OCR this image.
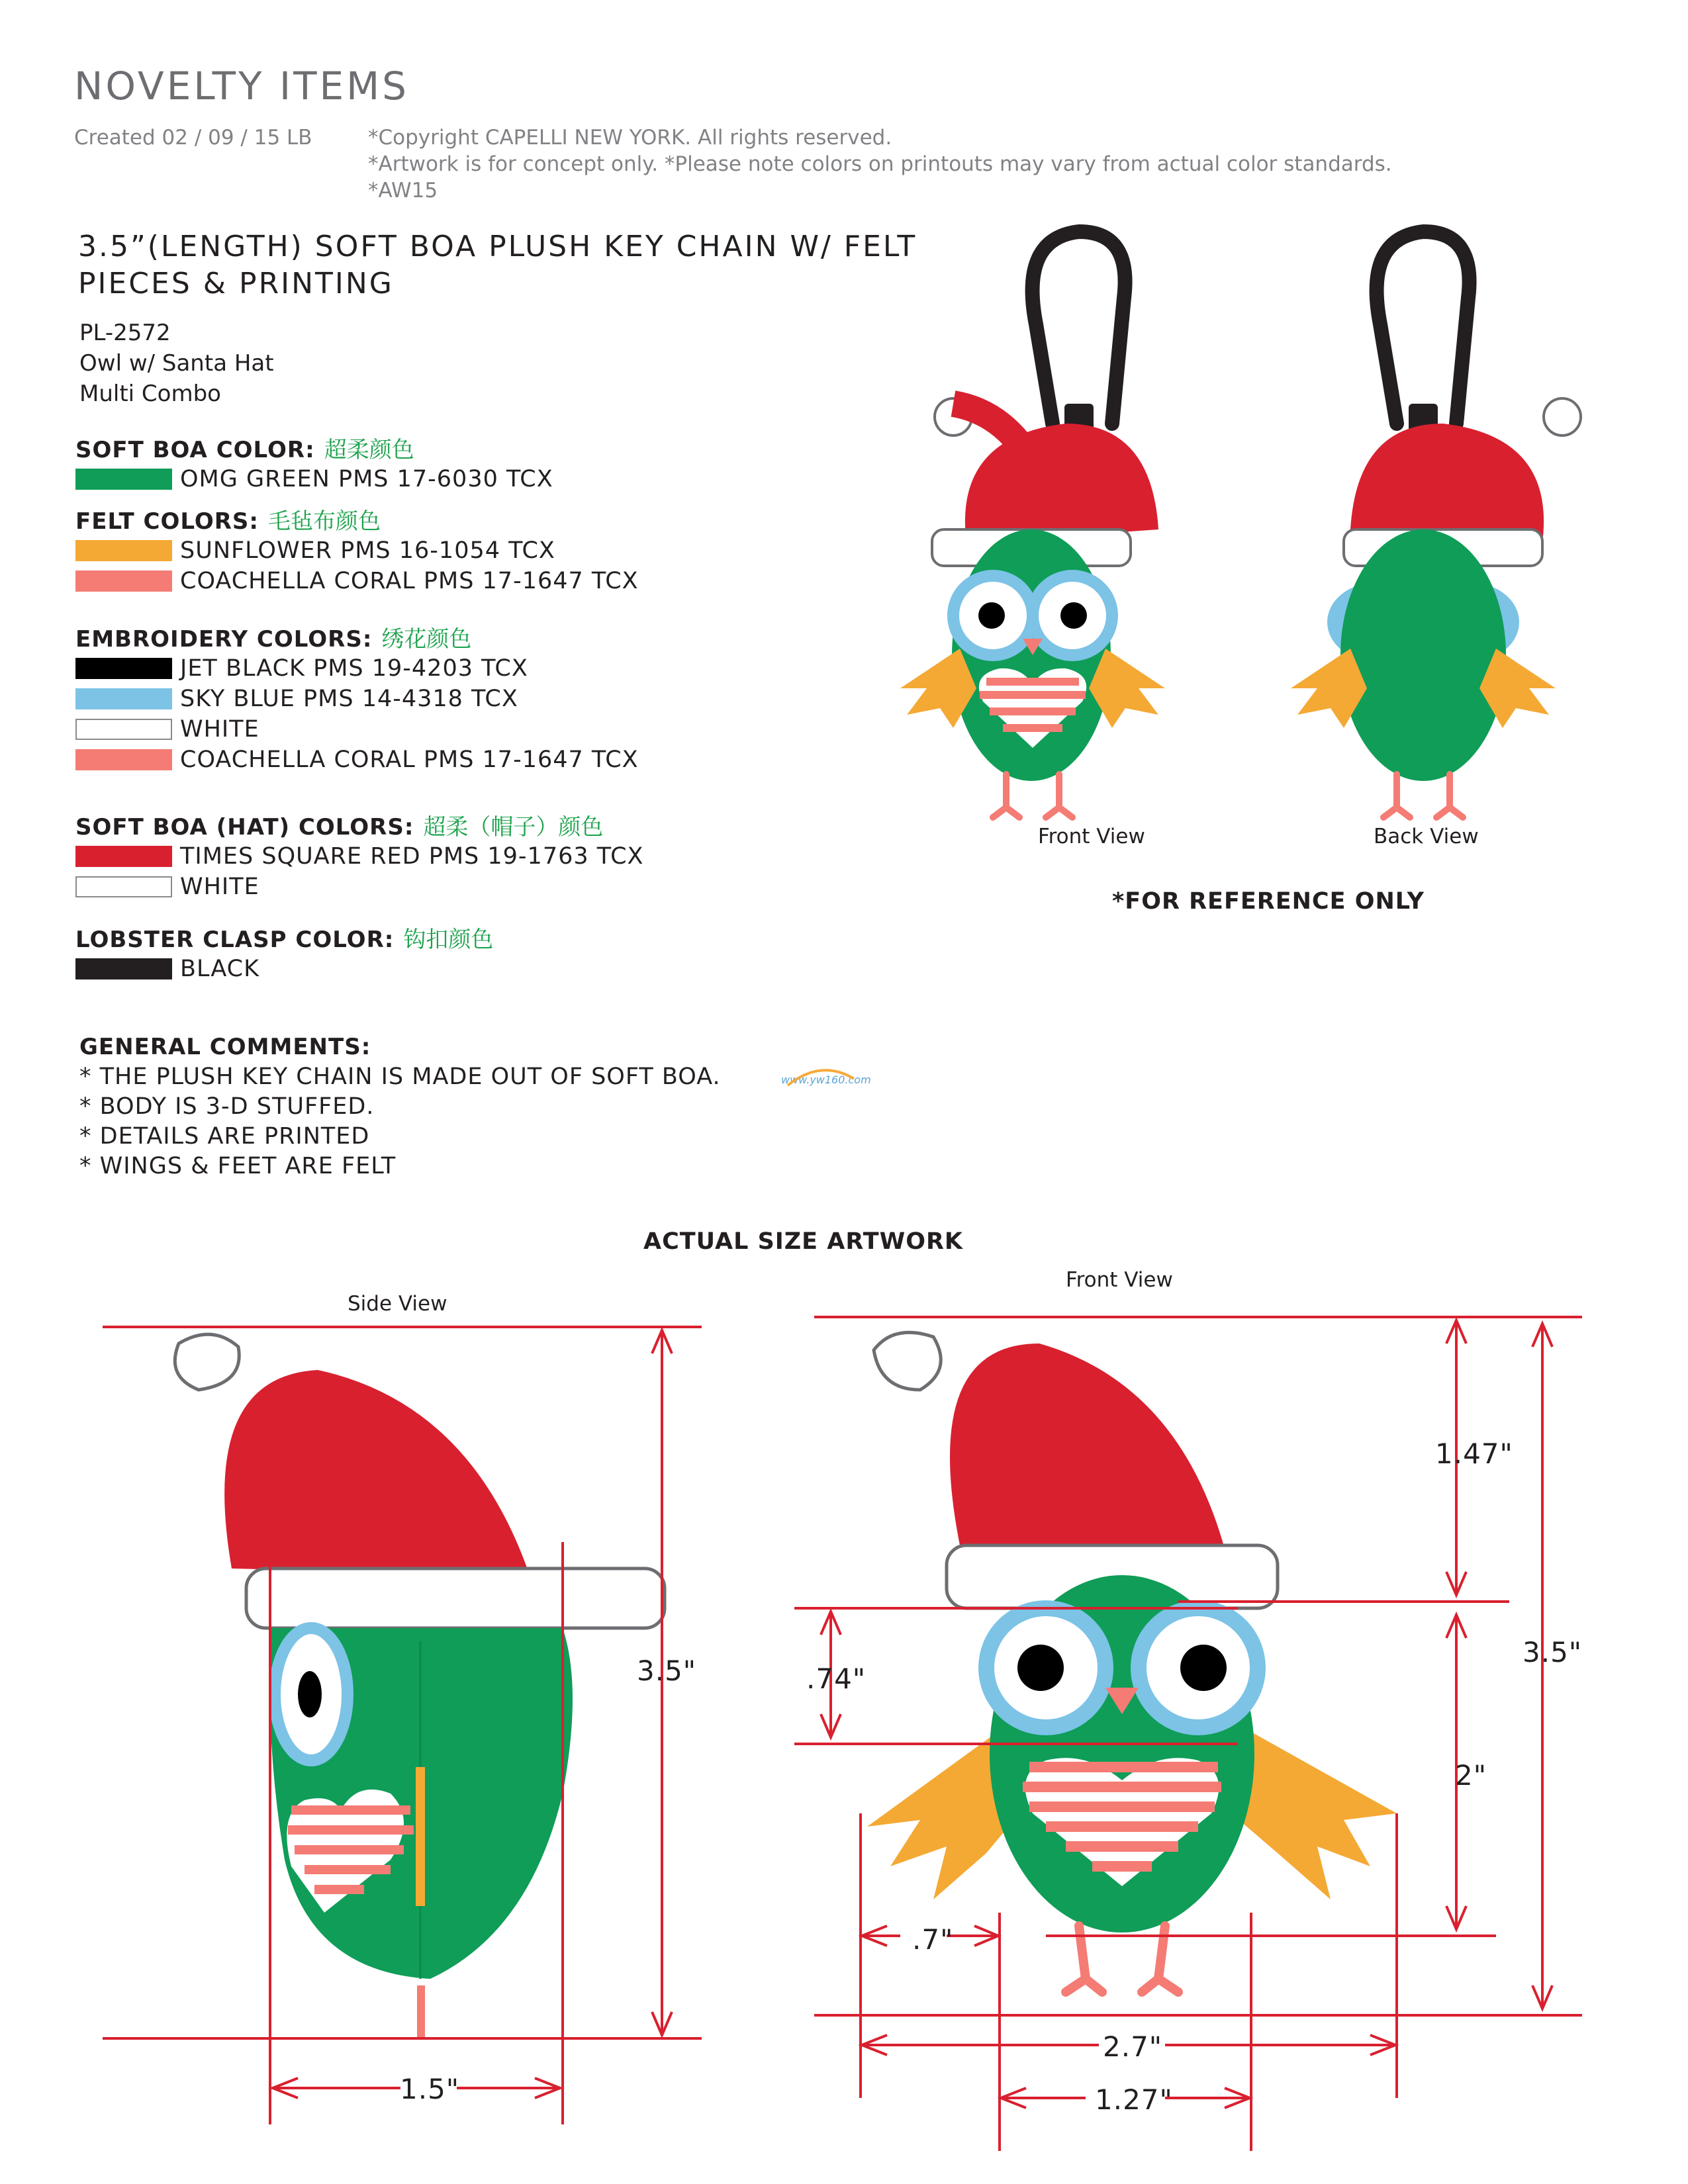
NOVELTY ITEMS
Created 02 / 09 / 15 LB	*Copyright CAPELLI NEW YORK. All rights reserved.
*Artwork is for concept only. *Please note colors on printouts may vary from actual color standards.
*AW15
3.5”(LENGTH) SOFT BOA PLUSH KEY CHAIN W/ FELT PIECES & PRINTING
PL-2572
Owl w/ Santa Hat
Multi Combo
SOFT BOA COLOR: 超柔颜色
OMG GREEN PMS 17-6030 TCX
FELT COLORS: 毛毡布颜色
SUNFLOWER PMS 16-1054 TCX
COACHELLA CORAL PMS 17-1647 TCX
EMBROIDERY COLORS: 绣花颜色
JET BLACK PMS 19-4203 TCX
SKY BLUE PMS 14-4318 TCX
WHITE
COACHELLA CORAL PMS 17-1647 TCX
SOFT BOA (HAT) COLORS: 超柔（帽子）颜色
TIMES SQUARE RED PMS 19-1763 TCX
WHITE
LOBSTER CLASP COLOR: 钩扣颜色
BLACK
GENERAL COMMENTS:
* THE PLUSH KEY CHAIN IS MADE OUT OF SOFT BOA.
* BODY IS 3-D STUFFED.
* DETAILS ARE PRINTED
* WINGS & FEET ARE FELT
www.yw160.com
Front View	Back View
*FOR REFERENCE ONLY
ACTUAL SIZE ARTWORK
Side View
Front View
3.5"
1.5"
1.47"
.74"
3.5"
2"
.7"
2.7"
1.27"
